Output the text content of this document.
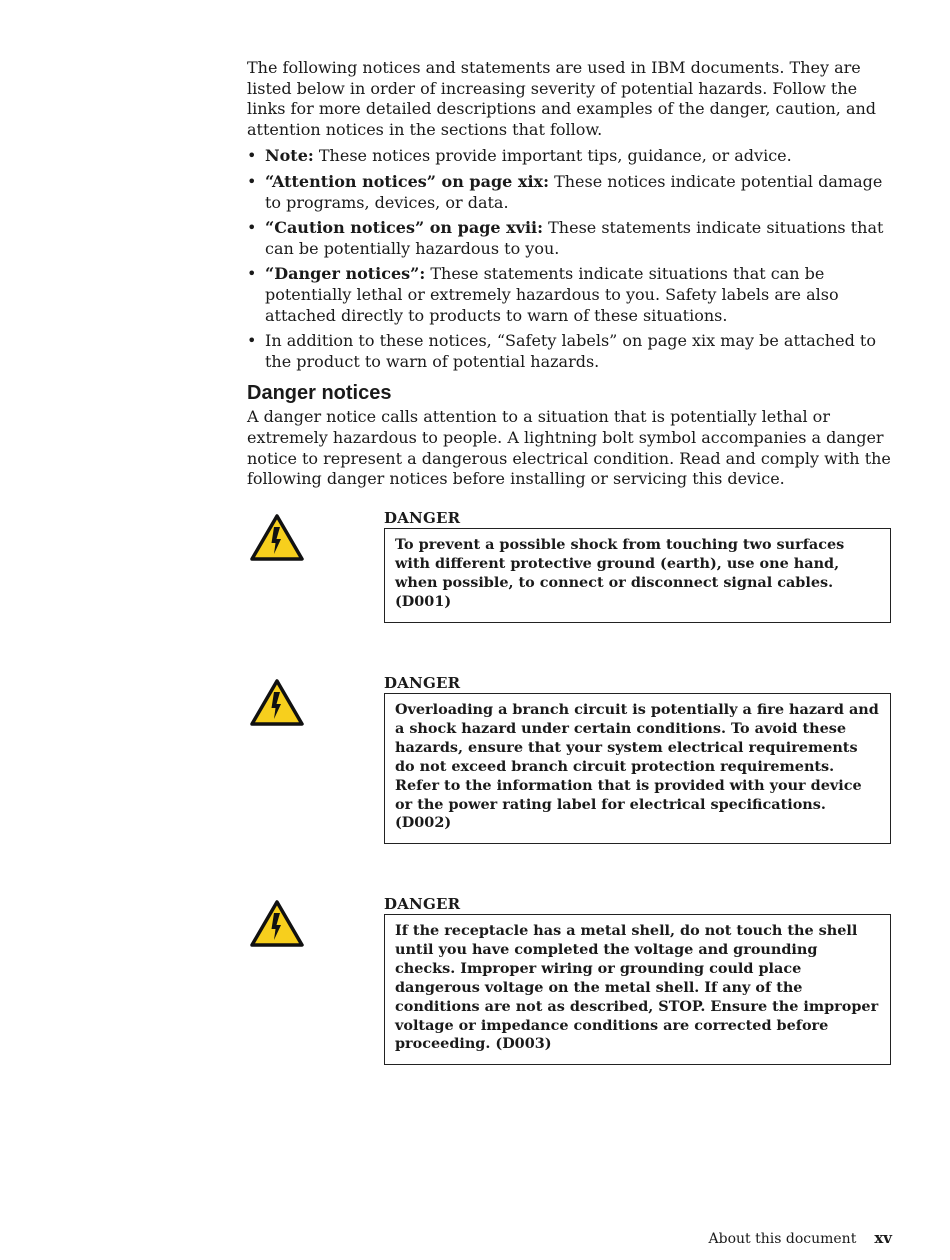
The following notices and statements are used in IBM documents. They are listed below in order of increasing severity of potential hazards. Follow the links for more detailed descriptions and examples of the danger, caution, and attention notices in the sections that follow.

• Note: These notices provide important tips, guidance, or advice.
• “Attention notices” on page xix: These notices indicate potential damage to programs, devices, or data.
• “Caution notices” on page xvii: These statements indicate situations that can be potentially hazardous to you.
• “Danger notices”: These statements indicate situations that can be potentially lethal or extremely hazardous to you. Safety labels are also attached directly to products to warn of these situations.
• In addition to these notices, “Safety labels” on page xix may be attached to the product to warn of potential hazards.
Danger notices

A danger notice calls attention to a situation that is potentially lethal or extremely hazardous to people. A lightning bolt symbol accompanies a danger notice to represent a dangerous electrical condition. Read and comply with the following danger notices before installing or servicing this device.

DANGER
To prevent a possible shock from touching two surfaces with different protective ground (earth), use one hand, when possible, to connect or disconnect signal cables. (D001)
DANGER
Overloading a branch circuit is potentially a fire hazard and a shock hazard under certain conditions. To avoid these hazards, ensure that your system electrical requirements do not exceed branch circuit protection requirements. Refer to the information that is provided with your device or the power rating label for electrical specifications. (D002)
DANGER
If the receptacle has a metal shell, do not touch the shell until you have completed the voltage and grounding checks. Improper wiring or grounding could place dangerous voltage on the metal shell. If any of the conditions are not as described, STOP. Ensure the improper voltage or impedance conditions are corrected before proceeding. (D003)
About this document xv
